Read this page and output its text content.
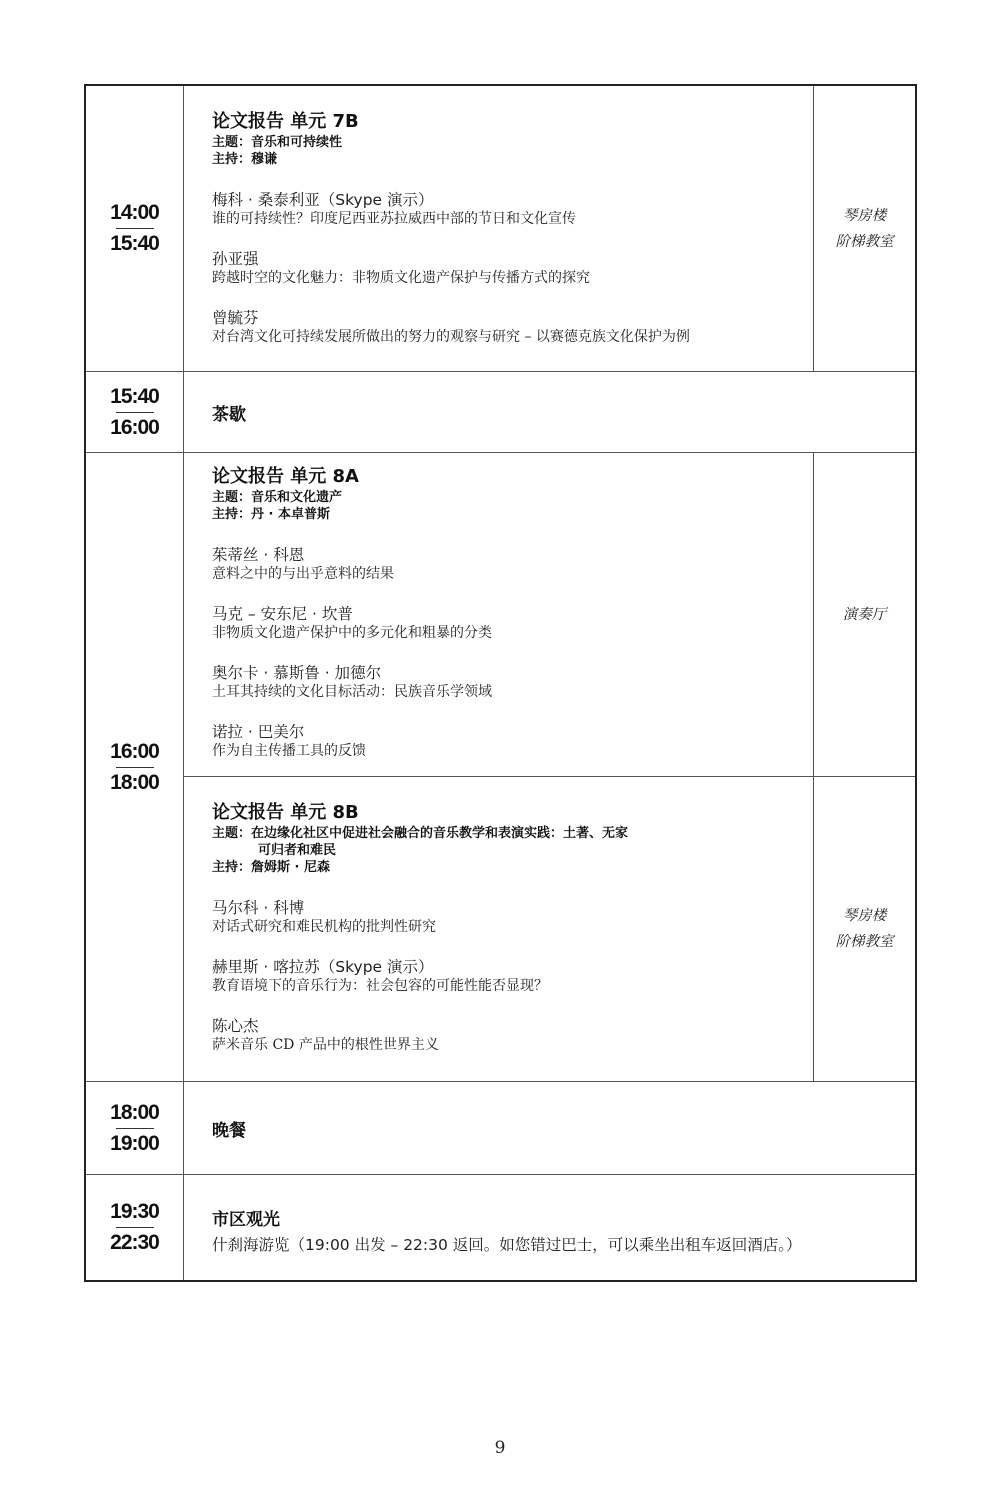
14:00
15:40

论文报告 单元 7B

主题：音乐和可持续性

主持：穆谦

梅科 · 桑泰利亚（Skype 演示）

谁的可持续性？印度尼西亚苏拉威西中部的节日和文化宣传

孙亚强

跨越时空的文化魅力：非物质文化遗产保护与传播方式的探究

曾毓芬

对台湾文化可持续发展所做出的努力的观察与研究 – 以赛德克族文化保护为例

琴房楼
阶梯教室
15:40
16:00
茶歇
16:00
18:00

论文报告 单元 8A

主题：音乐和文化遗产

主持：丹 · 本卓普斯

茱蒂丝 · 科恩

意料之中的与出乎意料的结果

马克 – 安东尼 · 坎普

非物质文化遗产保护中的多元化和粗暴的分类

奥尔卡 · 慕斯鲁 · 加德尔

土耳其持续的文化目标活动：民族音乐学领域

诺拉 · 巴美尔

作为自主传播工具的反馈

演奏厅

论文报告 单元 8B

主题：在边缘化社区中促进社会融合的音乐教学和表演实践：土著、无家

可归者和难民

主持：詹姆斯 · 尼森

马尔科 · 科博

对话式研究和难民机构的批判性研究

赫里斯 · 喀拉苏（Skype 演示）

教育语境下的音乐行为：社会包容的可能性能否显现？

陈心杰

萨米音乐 CD 产品中的根性世界主义

琴房楼
阶梯教室
18:00
19:00
晚餐
19:30
22:30
市区观光

什刹海游览（19:00 出发 – 22:30 返回。如您错过巴士，可以乘坐出租车返回酒店。）

9
